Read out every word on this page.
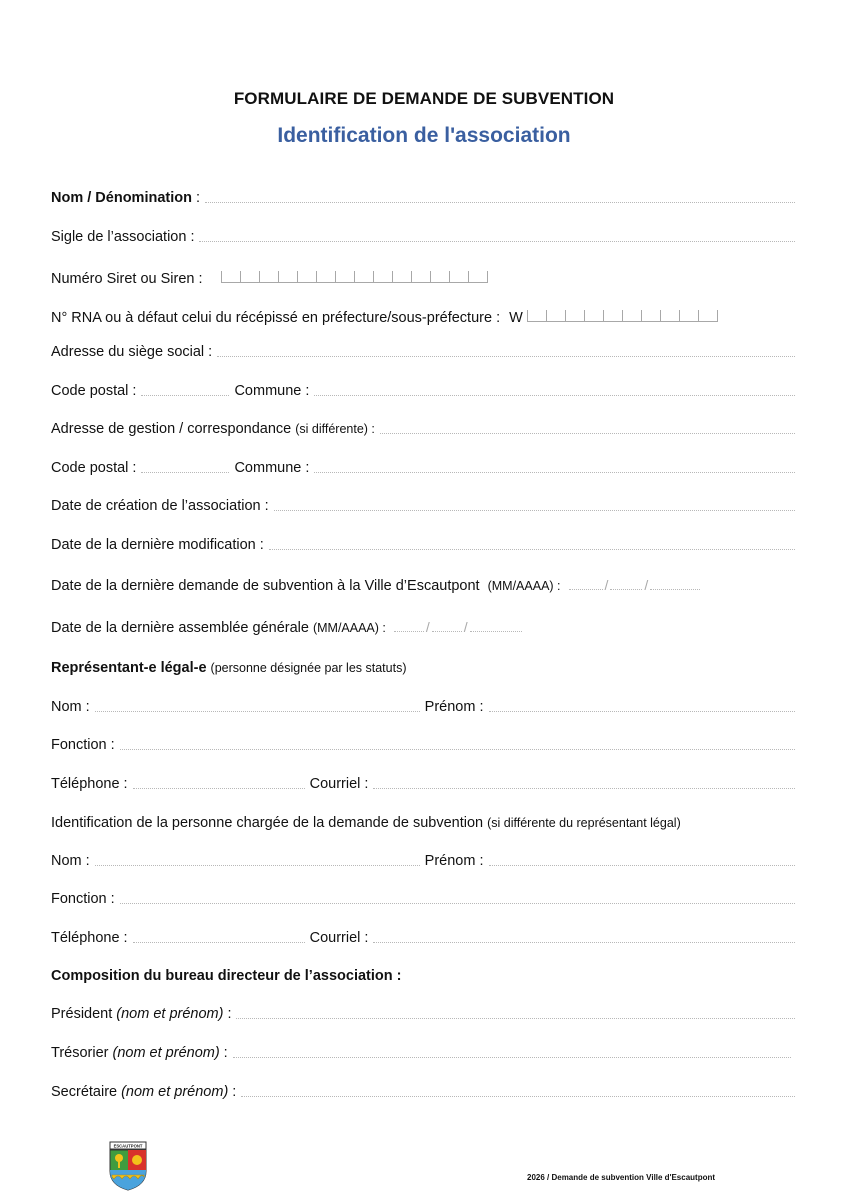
FORMULAIRE DE DEMANDE DE SUBVENTION
Identification de l'association
Nom / Dénomination :
Sigle de l’association :
Numéro Siret ou Siren :
N° RNA ou à défaut celui du récépissé en préfecture/sous-préfecture : W
Adresse du siège social :
Code postal :	Commune :
Adresse de gestion / correspondance (si différente) :
Code postal :	Commune :
Date de création de l’association :
Date de la dernière modification :
Date de la dernière demande de subvention à la Ville d’Escautpont (MM/AAAA) :	/	/
Date de la dernière assemblée générale (MM/AAAA) :	/ /
Représentant-e légal-e (personne désignée par les statuts)
Nom :	Prénom :
Fonction :
Téléphone :	Courriel :
Identification de la personne chargée de la demande de subvention (si différente du représentant légal)
Nom :	Prénom :
Fonction :
Téléphone :	Courriel :
Composition du bureau directeur de l’association :
Président (nom et prénom) :
Trésorier (nom et prénom) :
Secrétaire (nom et prénom) :
ESCAUTPONT
2026 / Demande de subvention Ville d'Escautpont
